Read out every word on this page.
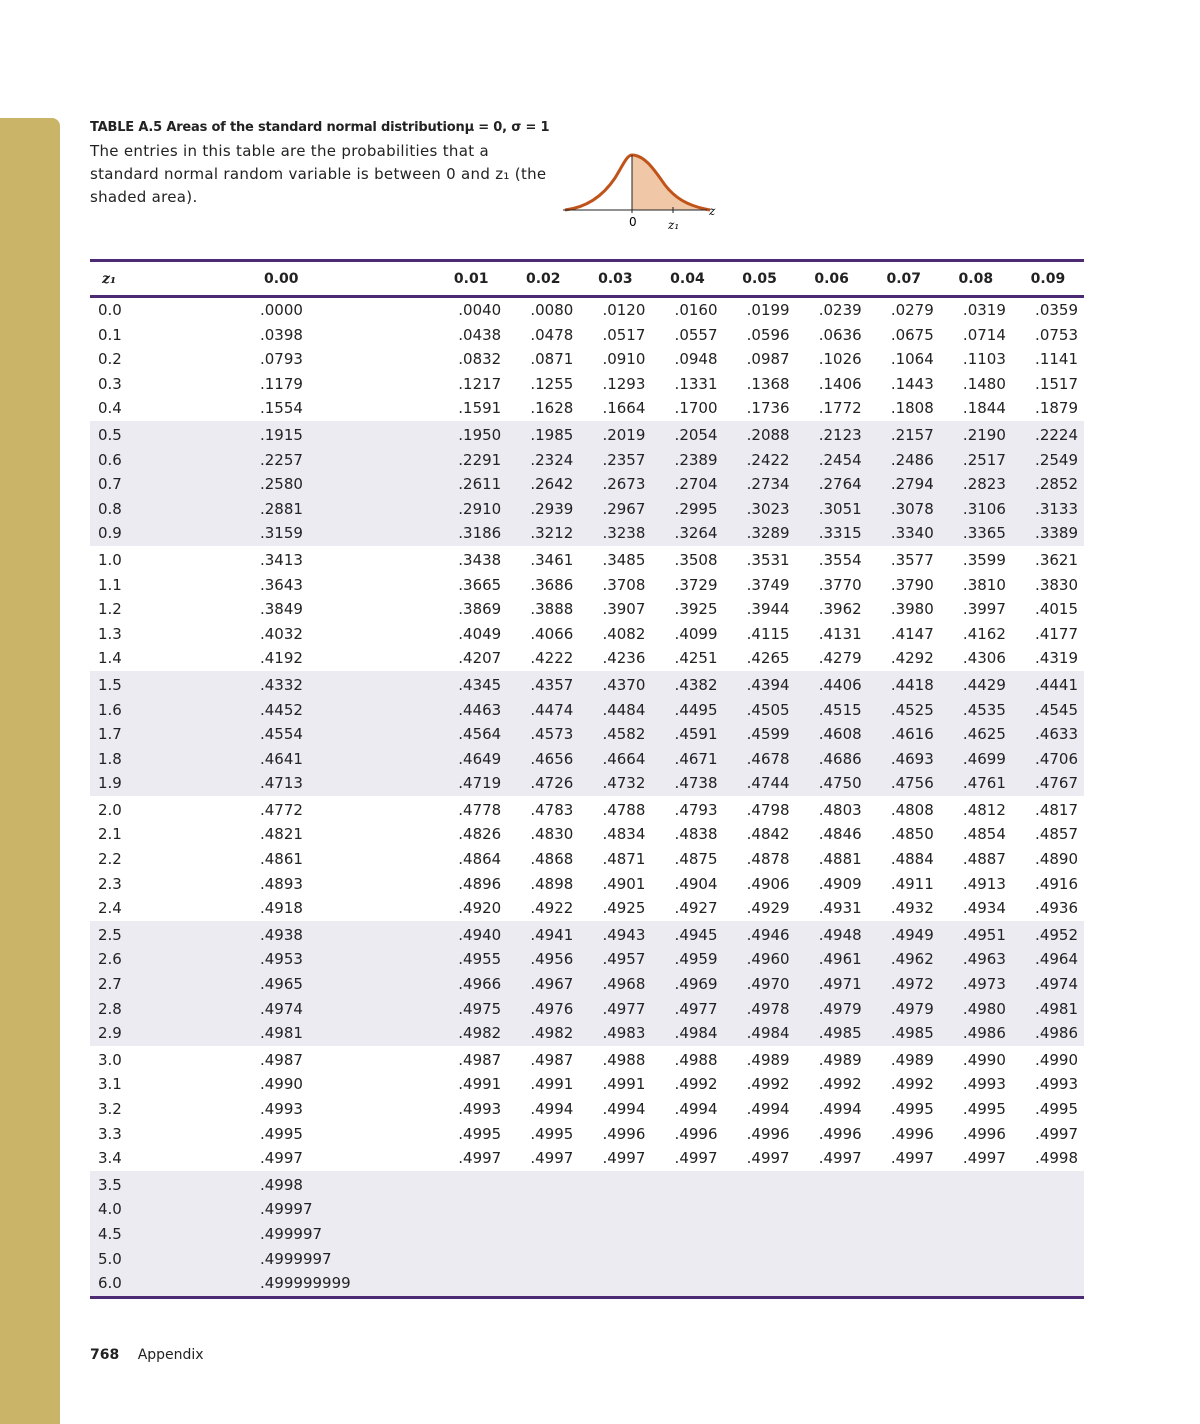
TABLE A.5 Areas of the standard normal distributionμ = 0, σ = 1
The entries in this table are the probabilities that a standard normal random variable is between 0 and z₁ (the shaded area).
0	z₁
z
z₁	0.00	0.01	0.02	0.03	0.04	0.05	0.06	0.07	0.08	0.09
0.0	.0000	.0040	.0080	.0120	.0160	.0199	.0239	.0279	.0319	.0359
0.1	.0398	.0438	.0478	.0517	.0557	.0596	.0636	.0675	.0714	.0753
0.2	.0793	.0832	.0871	.0910	.0948	.0987	.1026	.1064	.1103	.1141
0.3	.1179	.1217	.1255	.1293	.1331	.1368	.1406	.1443	.1480	.1517
0.4	.1554	.1591	.1628	.1664	.1700	.1736	.1772	.1808	.1844	.1879
0.5	.1915	.1950	.1985	.2019	.2054	.2088	.2123	.2157	.2190	.2224
0.6	.2257	.2291	.2324	.2357	.2389	.2422	.2454	.2486	.2517	.2549
0.7	.2580	.2611	.2642	.2673	.2704	.2734	.2764	.2794	.2823	.2852
0.8	.2881	.2910	.2939	.2967	.2995	.3023	.3051	.3078	.3106	.3133
0.9	.3159	.3186	.3212	.3238	.3264	.3289	.3315	.3340	.3365	.3389
1.0	.3413	.3438	.3461	.3485	.3508	.3531	.3554	.3577	.3599	.3621
1.1	.3643	.3665	.3686	.3708	.3729	.3749	.3770	.3790	.3810	.3830
1.2	.3849	.3869	.3888	.3907	.3925	.3944	.3962	.3980	.3997	.4015
1.3	.4032	.4049	.4066	.4082	.4099	.4115	.4131	.4147	.4162	.4177
1.4	.4192	.4207	.4222	.4236	.4251	.4265	.4279	.4292	.4306	.4319
1.5	.4332	.4345	.4357	.4370	.4382	.4394	.4406	.4418	.4429	.4441
1.6	.4452	.4463	.4474	.4484	.4495	.4505	.4515	.4525	.4535	.4545
1.7	.4554	.4564	.4573	.4582	.4591	.4599	.4608	.4616	.4625	.4633
1.8	.4641	.4649	.4656	.4664	.4671	.4678	.4686	.4693	.4699	.4706
1.9	.4713	.4719	.4726	.4732	.4738	.4744	.4750	.4756	.4761	.4767
2.0	.4772	.4778	.4783	.4788	.4793	.4798	.4803	.4808	.4812	.4817
2.1	.4821	.4826	.4830	.4834	.4838	.4842	.4846	.4850	.4854	.4857
2.2	.4861	.4864	.4868	.4871	.4875	.4878	.4881	.4884	.4887	.4890
2.3	.4893	.4896	.4898	.4901	.4904	.4906	.4909	.4911	.4913	.4916
2.4	.4918	.4920	.4922	.4925	.4927	.4929	.4931	.4932	.4934	.4936
2.5	.4938	.4940	.4941	.4943	.4945	.4946	.4948	.4949	.4951	.4952
2.6	.4953	.4955	.4956	.4957	.4959	.4960	.4961	.4962	.4963	.4964
2.7	.4965	.4966	.4967	.4968	.4969	.4970	.4971	.4972	.4973	.4974
2.8	.4974	.4975	.4976	.4977	.4977	.4978	.4979	.4979	.4980	.4981
2.9	.4981	.4982	.4982	.4983	.4984	.4984	.4985	.4985	.4986	.4986
3.0	.4987	.4987	.4987	.4988	.4988	.4989	.4989	.4989	.4990	.4990
3.1	.4990	.4991	.4991	.4991	.4992	.4992	.4992	.4992	.4993	.4993
3.2	.4993	.4993	.4994	.4994	.4994	.4994	.4994	.4995	.4995	.4995
3.3	.4995	.4995	.4995	.4996	.4996	.4996	.4996	.4996	.4996	.4997
3.4	.4997	.4997	.4997	.4997	.4997	.4997	.4997	.4997	.4997	.4998
3.5	.4998									
4.0	.49997									
4.5	.499997									
5.0	.4999997									
6.0	.499999999									
768 Appendix
